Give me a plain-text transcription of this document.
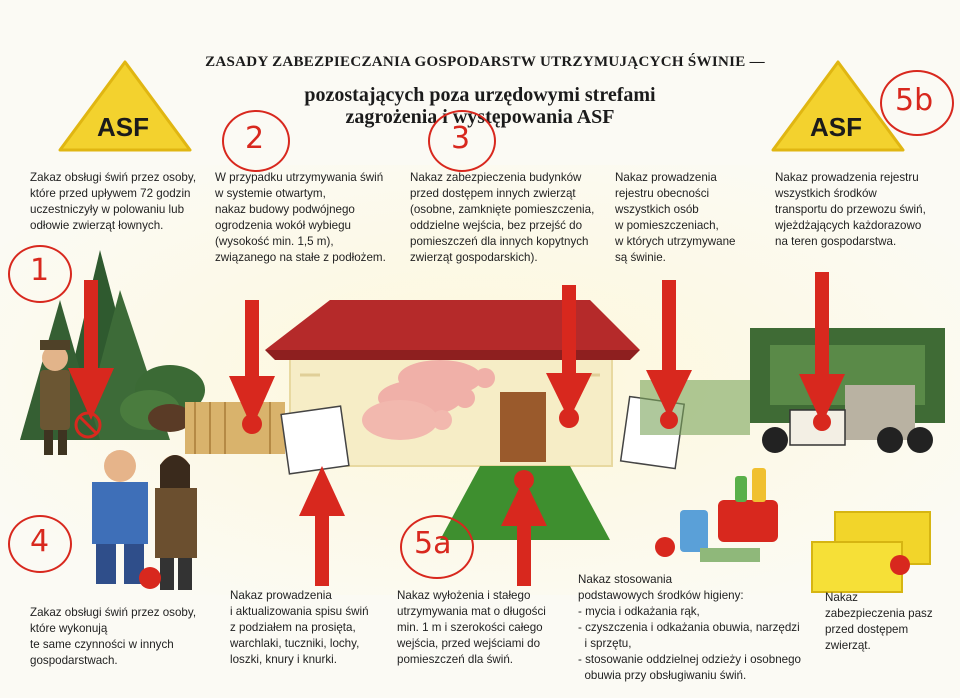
ASF	ASF
ZASADY ZABEZPIECZANIA GOSPODARSTW UTRZYMUJĄCYCH ŚWINIE —
pozostających poza urzędowymi strefami
zagrożenia i występowania ASF
Zakaz obsługi świń przez osoby,
które przed upływem 72 godzin
uczestniczyły w polowaniu lub
odłowie zwierząt łownych.
W przypadku utrzymywania świń
w systemie otwartym,
nakaz budowy podwójnego
ogrodzenia wokół wybiegu
(wysokość min. 1,5 m),
związanego na stałe z podłożem.
Nakaz zabezpieczenia budynków
przed dostępem innych zwierząt
(osobne, zamknięte pomieszczenia,
oddzielne wejścia, bez przejść do
pomieszczeń dla innych kopytnych
zwierząt gospodarskich).
Nakaz prowadzenia
rejestru obecności
wszystkich osób
w pomieszczeniach,
w których utrzymywane
są świnie.
Nakaz prowadzenia rejestru
wszystkich środków
transportu do przewozu świń,
wjeżdżających każdorazowo
na teren gospodarstwa.
Zakaz obsługi świń przez osoby,
które wykonują
te same czynności w innych
gospodarstwach.
Nakaz prowadzenia
i aktualizowania spisu świń
z podziałem na prosięta,
warchlaki, tuczniki, lochy,
loszki, knury i knurki.
Nakaz wyłożenia i stałego
utrzymywania mat o długości
min. 1 m i szerokości całego
wejścia, przed wejściami do
pomieszczeń dla świń.
Nakaz stosowania
podstawowych środków higieny:
- mycia i odkażania rąk,
- czyszczenia i odkażania obuwia, narzędzi
i sprzętu,
- stosowanie oddzielnej odzieży i osobnego
obuwia przy obsługiwaniu świń.
Nakaz
zabezpieczenia pasz
przed dostępem
zwierząt.
1
2	3
4	5a
5b
